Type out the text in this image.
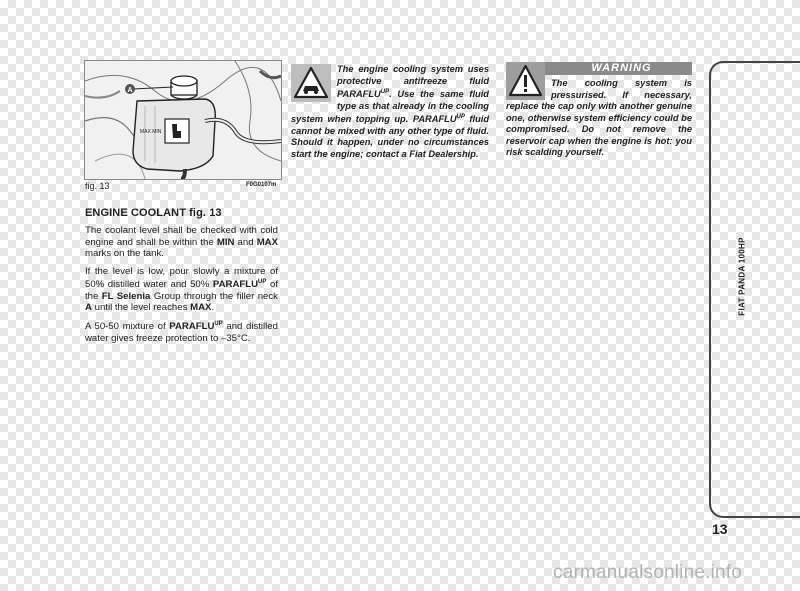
MAX MIN
A
fig. 13	F0G0107m
ENGINE COOLANT fig. 13

The coolant level shall be checked with cold engine and shall be within the MIN and MAX marks on the tank.

If the level is low, pour slowly a mixture of 50% distilled water and 50% $PARAFLU^{UP}$ of the FL Selenia Group through the filler neck A until the level reaches MAX.

A 50-50 mixture of $PARAFLU^{UP}$ and distilled water gives freeze protection to –35°C.

The engine cooling system uses protective antifreeze fluid $PARAFLU^{UP}$. Use the same fluid type as that already in the cooling system when topping up. $PARAFLU^{UP}$ fluid cannot be mixed with any other type of fluid. Should it happen, under no circumstances start the engine; contact a Fiat Dealership.

WARNING

The cooling system is pressurised. If necessary, replace the cap only with another genuine one, otherwise system efficiency could be compromised. Do not remove the reservoir cap when the engine is hot: you risk scalding yourself.

FIAT PANDA 100HP
13
carmanualsonline.info
